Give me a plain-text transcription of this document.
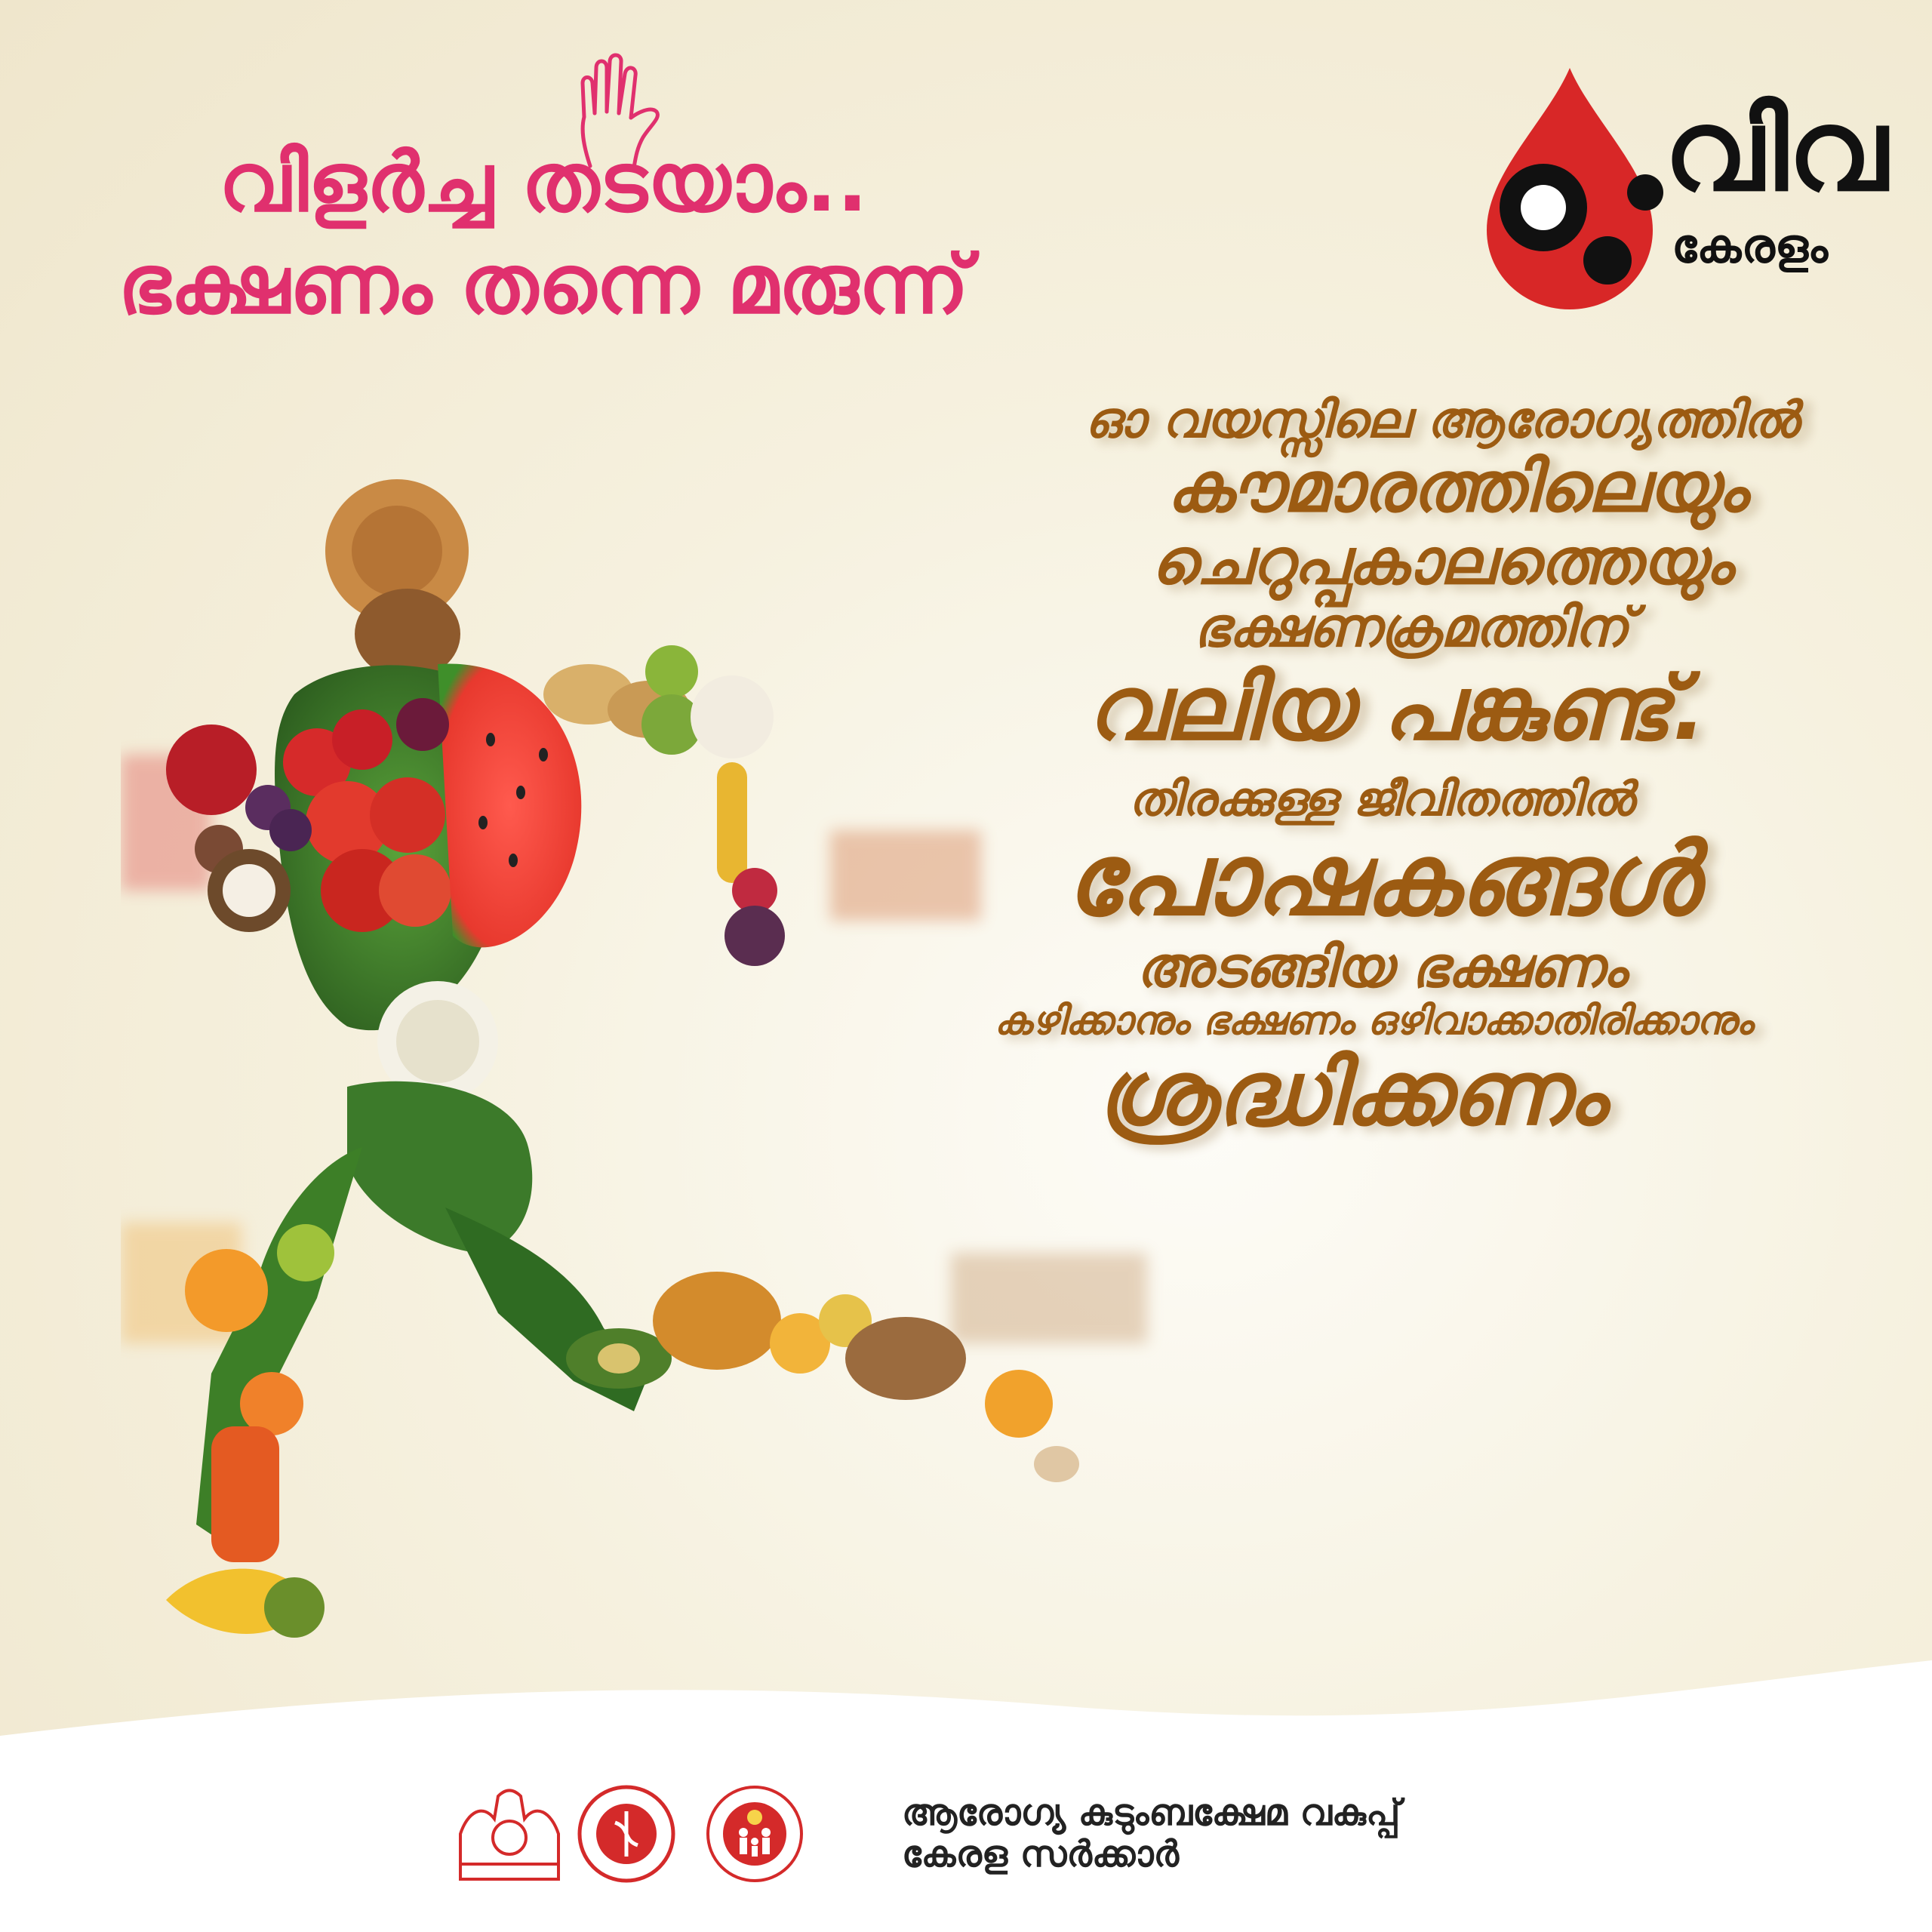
വിളർച്ച തടയാം..
ഭക്ഷണം തന്നെ മരുന്ന്
വിവ
കേരളം
ഓ വയസ്സിലെ ആരോഗ്യത്തിൽ
കൗമാരത്തിലെയും
ചെറുപ്പകാലത്തെയും
ഭക്ഷണക്രമത്തിന്
വലിയ പങ്കുണ്ട്.
തിരക്കുള്ള ജീവിതത്തിൽ
പോഷകങ്ങൾ
അടങ്ങിയ ഭക്ഷണം
കഴിക്കാനും ഭക്ഷണം ഒഴിവാക്കാതിരിക്കാനും
ശ്രദ്ധിക്കണം
ആരോഗ്യ കുടുംബക്ഷേമ വകുപ്പ്
കേരള സർക്കാർ
